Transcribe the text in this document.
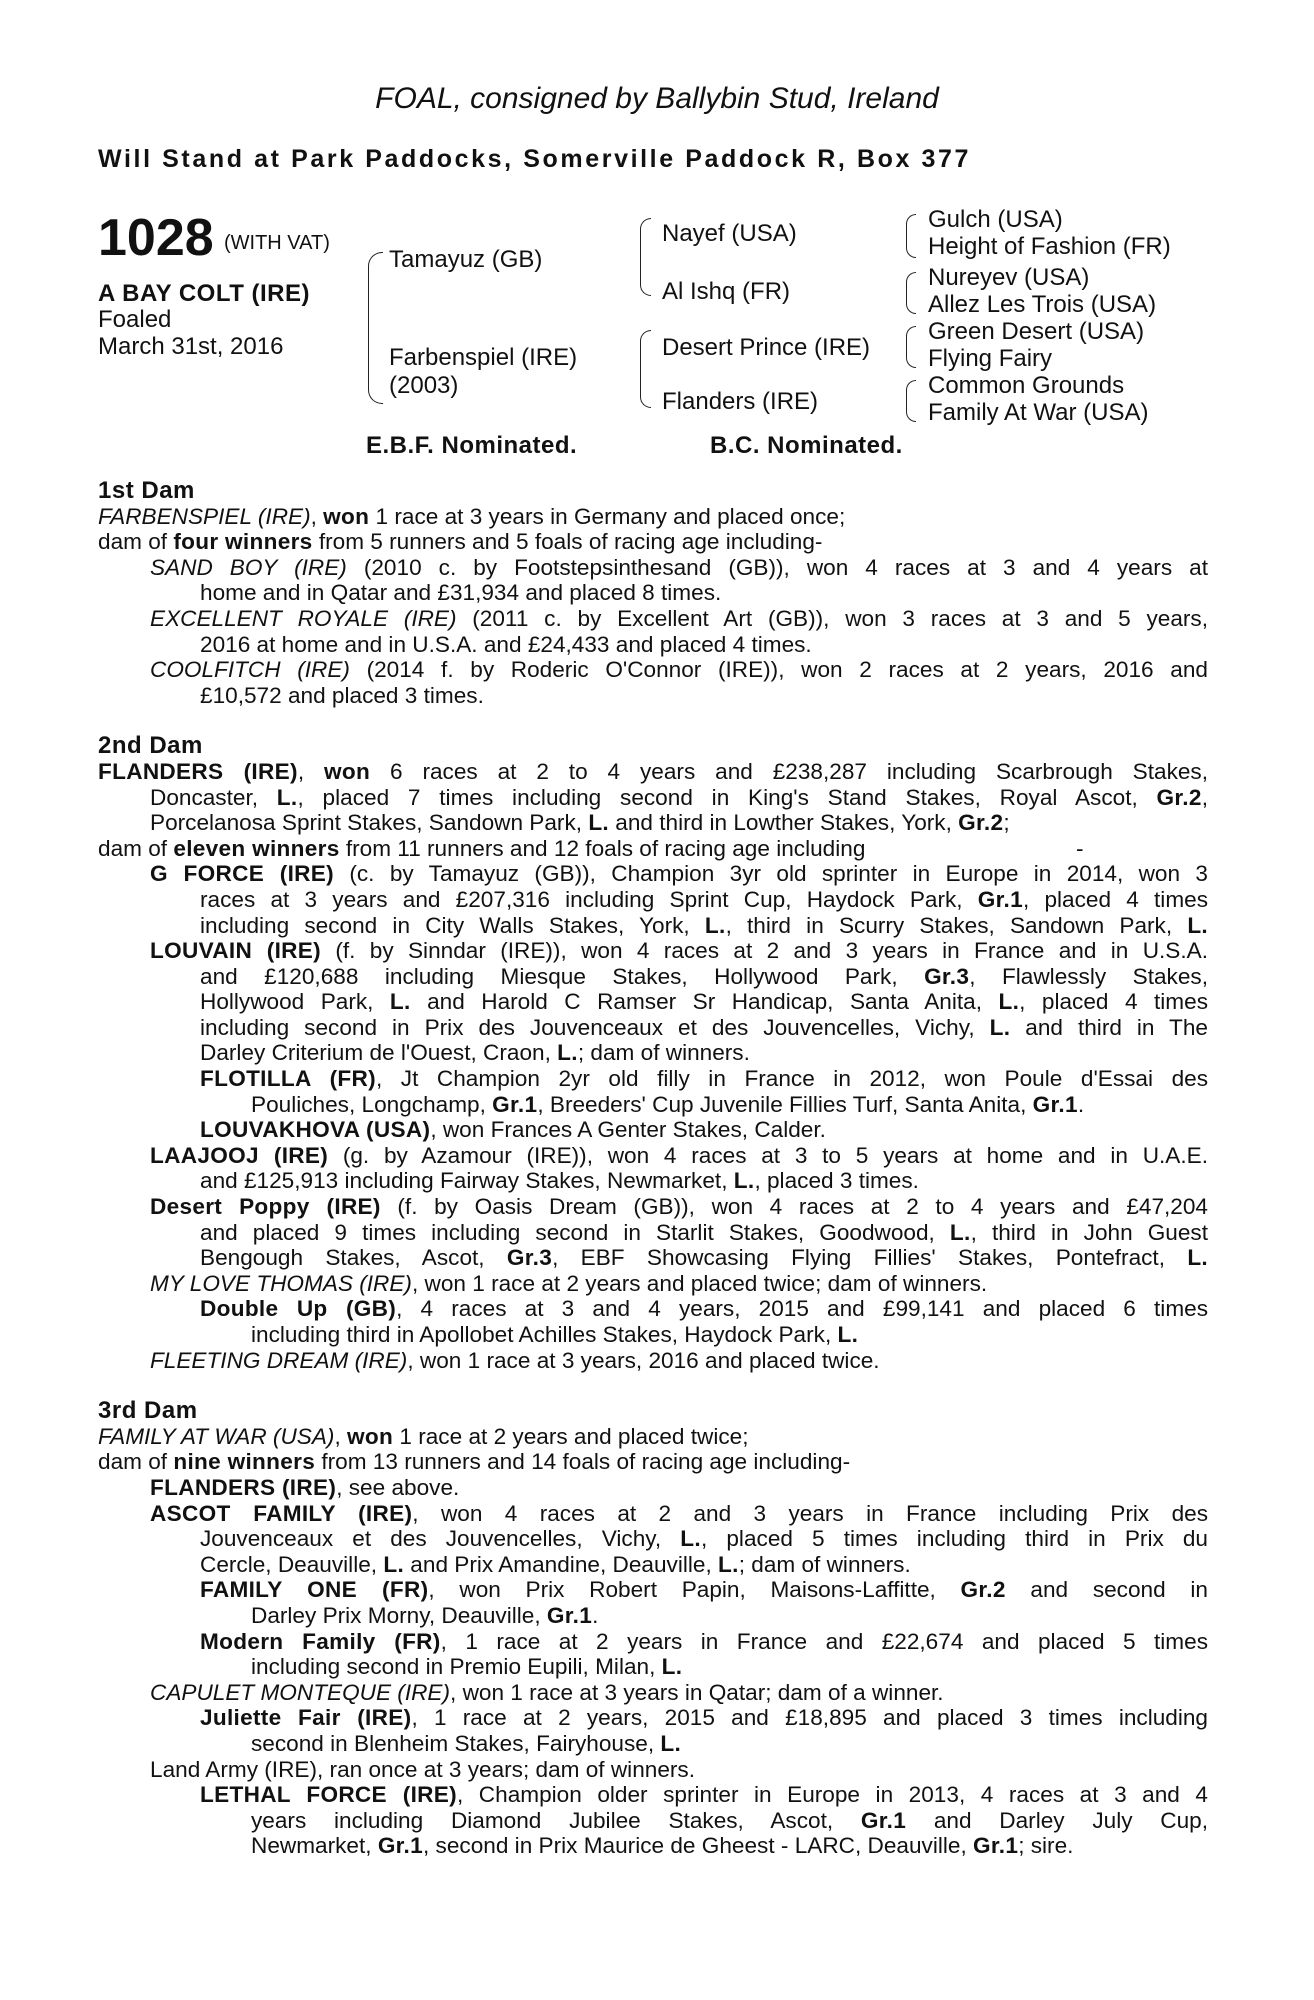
FOAL, consigned by Ballybin Stud, Ireland
Will Stand at Park Paddocks, Somerville Paddock R, Box 377
1028 (WITH VAT)
A BAY COLT (IRE)
Foaled
March 31st, 2016
Tamayuz (GB)
Farbenspiel (IRE)
(2003)
Nayef (USA)
Al Ishq (FR)
Desert Prince (IRE)
Flanders (IRE)
Gulch (USA)
Height of Fashion (FR)
Nureyev (USA)
Allez Les Trois (USA)
Green Desert (USA)
Flying Fairy
Common Grounds
Family At War (USA)
E.B.F. Nominated.	B.C. Nominated.
1st Dam
FARBENSPIEL (IRE), won 1 race at 3 years in Germany and placed once;
dam of four winners from 5 runners and 5 foals of racing age including-
SAND BOY (IRE) (2010 c. by Footstepsinthesand (GB)), won 4 races at 3 and 4 years at
home and in Qatar and £31,934 and placed 8 times.
EXCELLENT ROYALE (IRE) (2011 c. by Excellent Art (GB)), won 3 races at 3 and 5 years,
2016 at home and in U.S.A. and £24,433 and placed 4 times.
COOLFITCH (IRE) (2014 f. by Roderic O'Connor (IRE)), won 2 races at 2 years, 2016 and
£10,572 and placed 3 times.
2nd Dam
FLANDERS (IRE), won 6 races at 2 to 4 years and £238,287 including Scarbrough Stakes,
Doncaster, L., placed 7 times including second in King's Stand Stakes, Royal Ascot, Gr.2,
Porcelanosa Sprint Stakes, Sandown Park, L. and third in Lowther Stakes, York, Gr.2;
dam of eleven winners from 11 runners and 12 foals of racing age including	-
G FORCE (IRE) (c. by Tamayuz (GB)), Champion 3yr old sprinter in Europe in 2014, won 3
races at 3 years and £207,316 including Sprint Cup, Haydock Park, Gr.1, placed 4 times
including second in City Walls Stakes, York, L., third in Scurry Stakes, Sandown Park, L.
LOUVAIN (IRE) (f. by Sinndar (IRE)), won 4 races at 2 and 3 years in France and in U.S.A.
and £120,688 including Miesque Stakes, Hollywood Park, Gr.3, Flawlessly Stakes,
Hollywood Park, L. and Harold C Ramser Sr Handicap, Santa Anita, L., placed 4 times
including second in Prix des Jouvenceaux et des Jouvencelles, Vichy, L. and third in The
Darley Criterium de l'Ouest, Craon, L.; dam of winners.
FLOTILLA (FR), Jt Champion 2yr old filly in France in 2012, won Poule d'Essai des
Pouliches, Longchamp, Gr.1, Breeders' Cup Juvenile Fillies Turf, Santa Anita, Gr.1.
LOUVAKHOVA (USA), won Frances A Genter Stakes, Calder.
LAAJOOJ (IRE) (g. by Azamour (IRE)), won 4 races at 3 to 5 years at home and in U.A.E.
and £125,913 including Fairway Stakes, Newmarket, L., placed 3 times.
Desert Poppy (IRE) (f. by Oasis Dream (GB)), won 4 races at 2 to 4 years and £47,204
and placed 9 times including second in Starlit Stakes, Goodwood, L., third in John Guest
Bengough Stakes, Ascot, Gr.3, EBF Showcasing Flying Fillies' Stakes, Pontefract, L.
MY LOVE THOMAS (IRE), won 1 race at 2 years and placed twice; dam of winners.
Double Up (GB), 4 races at 3 and 4 years, 2015 and £99,141 and placed 6 times
including third in Apollobet Achilles Stakes, Haydock Park, L.
FLEETING DREAM (IRE), won 1 race at 3 years, 2016 and placed twice.
3rd Dam
FAMILY AT WAR (USA), won 1 race at 2 years and placed twice;
dam of nine winners from 13 runners and 14 foals of racing age including-
FLANDERS (IRE), see above.
ASCOT FAMILY (IRE), won 4 races at 2 and 3 years in France including Prix des
Jouvenceaux et des Jouvencelles, Vichy, L., placed 5 times including third in Prix du
Cercle, Deauville, L. and Prix Amandine, Deauville, L.; dam of winners.
FAMILY ONE (FR), won Prix Robert Papin, Maisons-Laffitte, Gr.2 and second in
Darley Prix Morny, Deauville, Gr.1.
Modern Family (FR), 1 race at 2 years in France and £22,674 and placed 5 times
including second in Premio Eupili, Milan, L.
CAPULET MONTEQUE (IRE), won 1 race at 3 years in Qatar; dam of a winner.
Juliette Fair (IRE), 1 race at 2 years, 2015 and £18,895 and placed 3 times including
second in Blenheim Stakes, Fairyhouse, L.
Land Army (IRE), ran once at 3 years; dam of winners.
LETHAL FORCE (IRE), Champion older sprinter in Europe in 2013, 4 races at 3 and 4
years including Diamond Jubilee Stakes, Ascot, Gr.1 and Darley July Cup,
Newmarket, Gr.1, second in Prix Maurice de Gheest - LARC, Deauville, Gr.1; sire.
